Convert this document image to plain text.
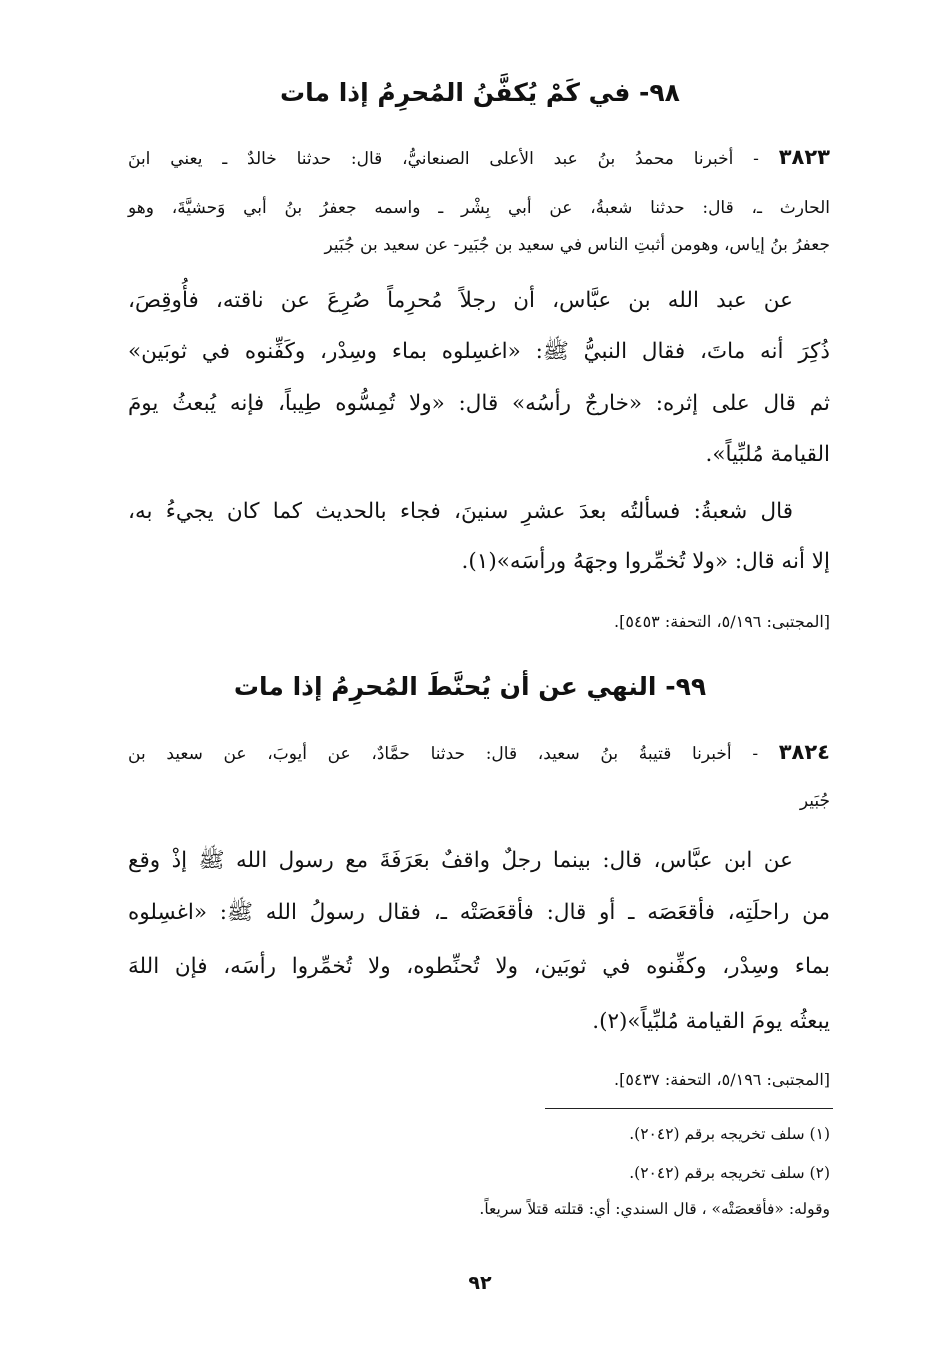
٩٨- في كَمْ يُكفَّنُ المُحرِمُ إذا مات
٣٨٢٣ - أخبرنا محمدُ بنُ عبد الأعلى الصنعانيُّ، قال: حدثنا خالدٌ ـ يعني ابنَ
الحارث ـ، قال: حدثنا شعبةُ، عن أبي بِشْر ـ واسمه جعفرُ بنُ أبي وَحشيَّةَ، وهو
جعفرُ بنُ إياس، وهومن أثبتِ الناس في سعيد بن جُبَير- عن سعيد بن جُبَير
عن عبد الله بن عبَّاس، أن رجلاً مُحرِماً صُرِعَ عن ناقته، فأُوقِصَ،
ذُكِرَ أنه ماتَ، فقال النبيُّ ﷺ: «اغسِلوه بماء وسِدْر، وكَفِّنوه في ثوبَين»
ثم قال على إثره: «خارجٌ رأسُه» قال: «ولا تُمِسُّوه طِيباً، فإنه يُبعثُ يومَ
القيامة مُلبِّياً».
قال شعبةُ: فسألتُه بعدَ عشرِ سنينَ، فجاء بالحديث كما كان يجيءُ به،
إلا أنه قال: «ولا تُخمِّروا وجهَهُ ورأسَه»(١).
[المجتبى: ٥/١٩٦، التحفة: ٥٤٥٣].
٩٩- النهي عن أن يُحنَّطَ المُحرِمُ إذا مات
٣٨٢٤ - أخبرنا قتيبةُ بنُ سعيد، قال: حدثنا حمَّادٌ، عن أيوبَ، عن سعيد بن
جُبَير
عن ابن عبَّاس، قال: بينما رجلٌ واقفٌ بعَرَفَةَ مع رسول الله ﷺ إذْ وقع
من راحلَتِه، فأقعَصَه ـ أو قال: فأقعَصَتْه ـ، فقال رسولُ الله ﷺ: «اغسِلوه
بماء وسِدْر، وكفِّنوه في ثوبَين، ولا تُحنِّطوه، ولا تُخمِّروا رأسَه، فإن اللهَ
يبعثُه يومَ القيامة مُلبِّياً»(٢).
[المجتبى: ٥/١٩٦، التحفة: ٥٤٣٧].
(١) سلف تخريجه برقم (٢٠٤٢).
(٢) سلف تخريجه برقم (٢٠٤٢).
وقوله: «فأقعصَتْه» ، قال السندي: أي: قتلته قتلاً سريعاً.
٩٢
